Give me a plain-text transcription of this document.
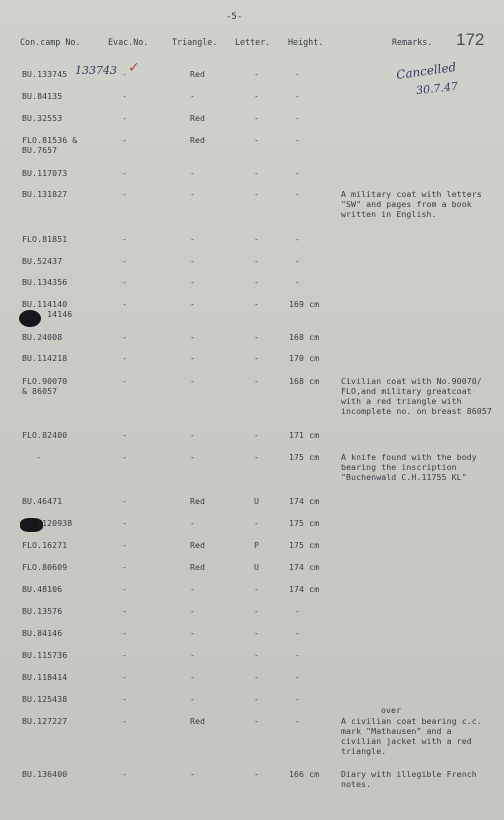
-5-
172
Con.camp No.	Evac.No.	Triangle. Letter. Height.	Remarks.
133743 ✓	Cancelled
30.7.47
BU.133745	-	Red	-	-
BU.84135	-	-	-	-
BU.32553	-	Red	-	-
FLO.81536 &
BU.7657
-	Red	-	-
BU.117073	-	-	-	-
BU.131827	-	-	-	-	A military coat with letters
"SW" and pages from a book
written in English.
FLO.81851	-	-	-	-
BU.52437	-	-	-	-
BU.134356	-	-	-	-
BU.114140
14146
-	-	-	169 cm
BU.24008	-	-	-	168 cm
BU.114218	-	-	-	170 cm
FLO.90070
& 86057
-	-	-	168 cm	Civilian coat with No.90070/
FLO,and military greatcoat
with a red triangle with
incomplete no. on breast 86057
FLO.82400	-	-	-	171 cm
-	-	-	-	175 cm	A knife found with the body
bearing the inscription
"Buchenwald C.H.11755 KL"
BU.46471	-	Red	U	174 cm
.120938	-	-	-	175 cm
FLO.16271	-	Red	P	175 cm
FLO.80609	-	Red	U	174 cm
BU.48106	-	-	-	174 cm
BU.13576	-	-	-	-
BU.84146	-	-	-	-
BU.115736	-	-	-	-
BU.118414	-	-	-	-
BU.125438	-	-	-	-
BU.127227	-	Red	-	-	A civilian coat bearing c.c.
mark "Mathausen" and a
civilian jacket with a red
triangle.
BU.136400	-	-	-	166 cm	Diary with illegible French
notes.
over
